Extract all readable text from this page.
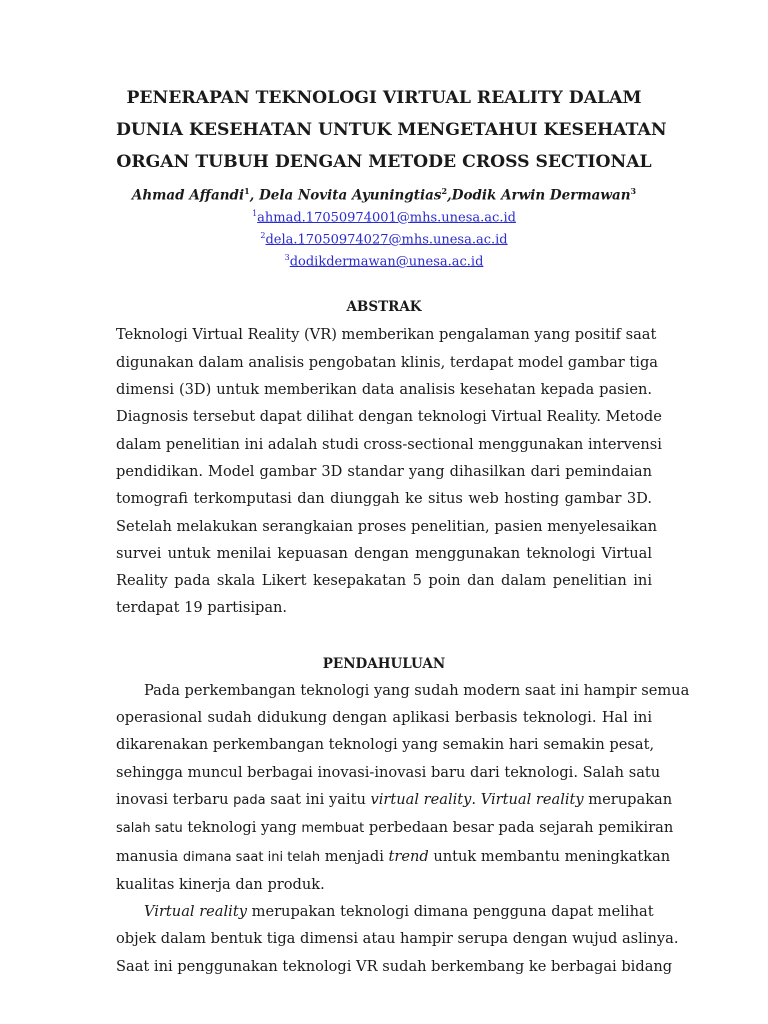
PENERAPAN TEKNOLOGI VIRTUAL REALITY DALAM
DUNIA KESEHATAN UNTUK MENGETAHUI KESEHATAN
ORGAN TUBUH DENGAN METODE CROSS SECTIONAL
Ahmad Affandi$^1$, Dela Novita Ayuningtias$^2$,Dodik Arwin Dermawan$^3$
$^1$ahmad.17050974001@mhs.unesa.ac.id
$^2$dela.17050974027@mhs.unesa.ac.id
$^3$dodikdermawan@unesa.ac.id
ABSTRAK
Teknologi Virtual Reality (VR) memberikan pengalaman yang positif saat
digunakan dalam analisis pengobatan klinis, terdapat model gambar tiga
dimensi (3D) untuk memberikan data analisis kesehatan kepada pasien.
Diagnosis tersebut dapat dilihat dengan teknologi Virtual Reality. Metode
dalam penelitian ini adalah studi cross-sectional menggunakan intervensi
pendidikan. Model gambar 3D standar yang dihasilkan dari pemindaian
tomografi terkomputasi dan diunggah ke situs web hosting gambar 3D.
Setelah melakukan serangkaian proses penelitian, pasien menyelesaikan
survei untuk menilai kepuasan dengan menggunakan teknologi Virtual
Reality pada skala Likert kesepakatan 5 poin dan dalam penelitian ini
terdapat 19 partisipan.
PENDAHULUAN
Pada perkembangan teknologi yang sudah modern saat ini hampir semua
operasional sudah didukung dengan aplikasi berbasis teknologi. Hal ini
dikarenakan perkembangan teknologi yang semakin hari semakin pesat,
sehingga muncul berbagai inovasi-inovasi baru dari teknologi. Salah satu
inovasi terbaru pada saat ini yaitu virtual reality. Virtual reality merupakan
salah satu teknologi yang membuat perbedaan besar pada sejarah pemikiran
manusia dimana saat ini telah menjadi trend untuk membantu meningkatkan
kualitas kinerja dan produk.
Virtual reality merupakan teknologi dimana pengguna dapat melihat
objek dalam bentuk tiga dimensi atau hampir serupa dengan wujud aslinya.
Saat ini penggunakan teknologi VR sudah berkembang ke berbagai bidang
